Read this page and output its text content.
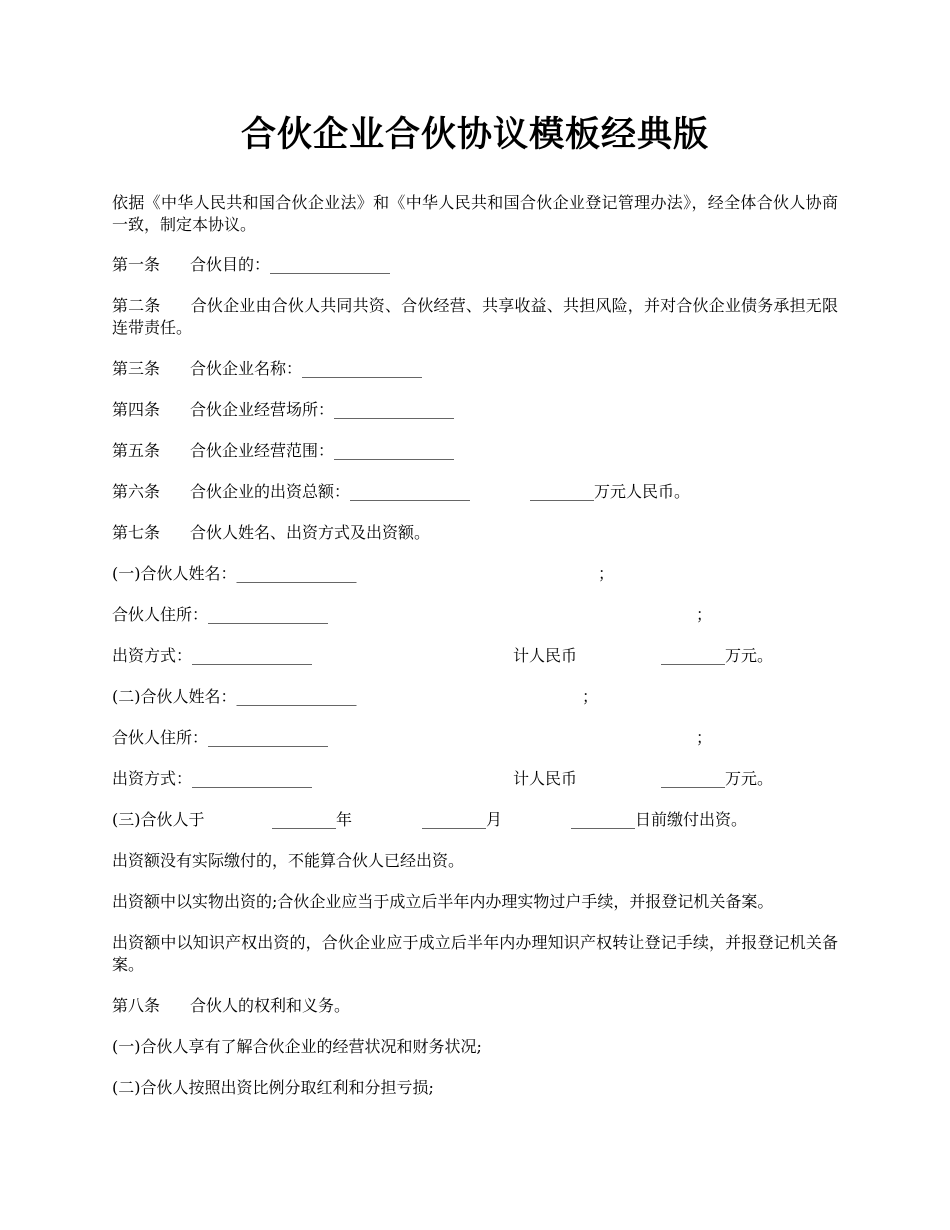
合伙企业合伙协议模板经典版

依据《中华人民共和国合伙企业法》和《中华人民共和国合伙企业登记管理办法》，经全体合伙人协商一致，制定本协议。

第一条 合伙目的：_______________

第二条 合伙企业由合伙人共同共资、合伙经营、共享收益、共担风险，并对合伙企业债务承担无限连带责任。

第三条 合伙企业名称：_______________

第四条 合伙企业经营场所：_______________

第五条 合伙企业经营范围：_______________

第六条 合伙企业的出资总额：_______________	________万元人民币。

第七条 合伙人姓名、出资方式及出资额。

(一)合伙人姓名：_______________	；

合伙人住所：_______________	；

出资方式：_______________	计人民币	________万元。

(二)合伙人姓名：_______________	；

合伙人住所：_______________	；

出资方式：_______________	计人民币	________万元。

(三)合伙人于	________年	________月	________日前缴付出资。

出资额没有实际缴付的，不能算合伙人已经出资。

出资额中以实物出资的;合伙企业应当于成立后半年内办理实物过户手续，并报登记机关备案。

出资额中以知识产权出资的，合伙企业应于成立后半年内办理知识产权转让登记手续，并报登记机关备案。

第八条 合伙人的权利和义务。

(一)合伙人享有了解合伙企业的经营状况和财务状况;

(二)合伙人按照出资比例分取红利和分担亏损;
